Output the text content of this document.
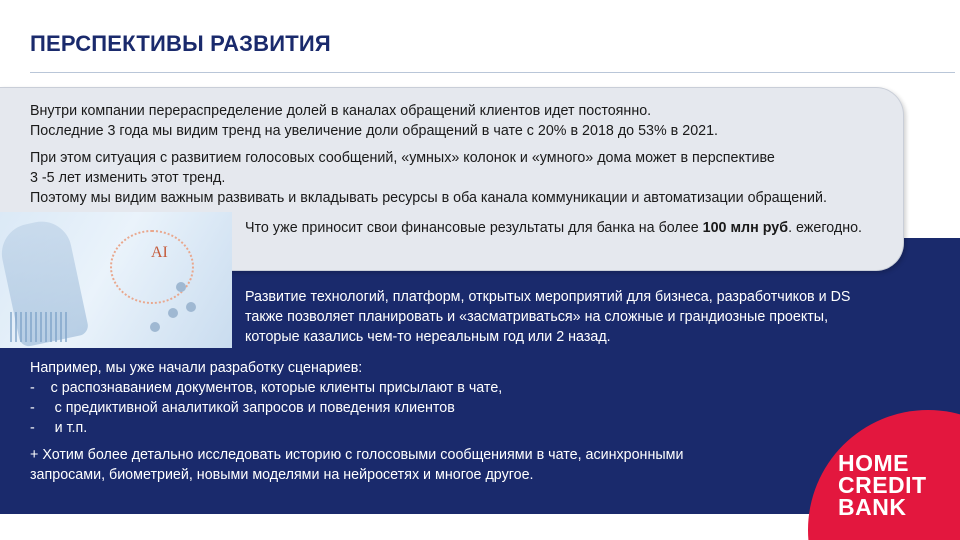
ПЕРСПЕКТИВЫ РАЗВИТИЯ
AI
Внутри компании перераспределение долей в каналах обращений клиентов идет постоянно.
Последние 3 года мы видим тренд на увеличение доли обращений в чате с 20% в 2018 до 53% в 2021.
При этом ситуация с развитием голосовых сообщений, «умных» колонок и «умного» дома может в перспективе
3 -5 лет изменить этот тренд.
Поэтому мы видим важным развивать и вкладывать ресурсы в оба канала коммуникации и автоматизации обращений.
Что уже приносит свои финансовые результаты для банка на более 100 млн руб. ежегодно.
Развитие технологий, платформ, открытых мероприятий для бизнеса, разработчиков и DS
также позволяет планировать и «засматриваться» на сложные и грандиозные проекты,
которые казались чем-то нереальным год или 2 назад.
Например, мы уже начали разработку сценариев:
-    с распознаванием документов, которые клиенты присылают в чате,
-     с предиктивной аналитикой запросов и поведения клиентов
-     и т.п.
+ Хотим более детально исследовать историю с голосовыми сообщениями в чате, асинхронными
запросами, биометрией, новыми моделями на нейросетях и многое другое.	HOME
CREDIT
BANK
